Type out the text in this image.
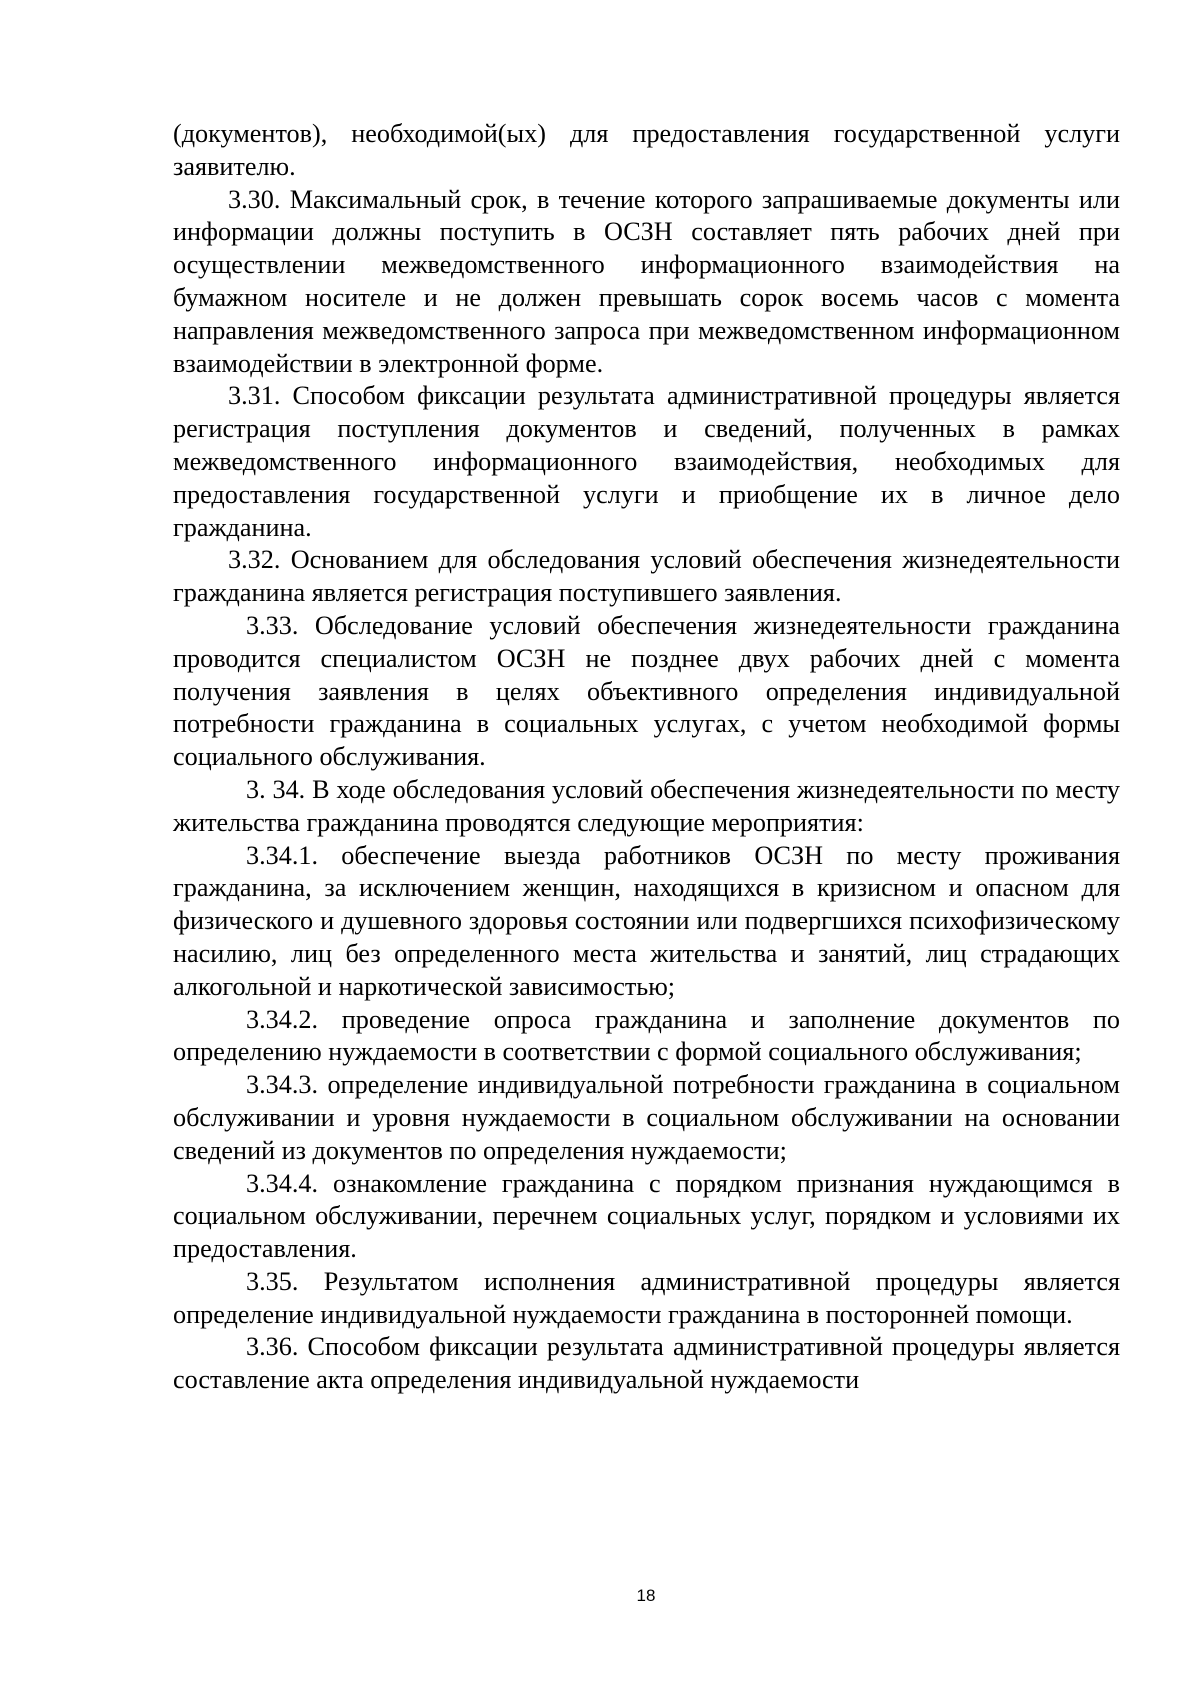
(документов), необходимой(ых) для предоставления государственной услуги заявителю.

3.30. Максимальный срок, в течение которого запрашиваемые документы или информации должны поступить в ОСЗН составляет пять рабочих дней при осуществлении межведомственного информационного взаимодействия на бумажном носителе и не должен превышать сорок восемь часов с момента направления межведомственного запроса при межведомственном информационном взаимодействии в электронной форме.

3.31. Способом фиксации результата административной процедуры является регистрация поступления документов и сведений, полученных в рамках межведомственного информационного взаимодействия, необходимых для предоставления государственной услуги и приобщение их в личное дело гражданина.

3.32. Основанием для обследования условий обеспечения жизнедеятельности гражданина является регистрация поступившего заявления.

3.33. Обследование условий обеспечения жизнедеятельности гражданина проводится специалистом ОСЗН не позднее двух рабочих дней с момента получения заявления в целях объективного определения индивидуальной потребности гражданина в социальных услугах, с учетом необходимой формы социального обслуживания.

3. 34. В ходе обследования условий обеспечения жизнедеятельности по месту жительства гражданина проводятся следующие мероприятия:

3.34.1. обеспечение выезда работников ОСЗН по месту проживания гражданина, за исключением женщин, находящихся в кризисном и опасном для физического и душевного здоровья состоянии или подвергшихся психофизическому насилию, лиц без определенного места жительства и занятий, лиц страдающих алкогольной и наркотической зависимостью;

3.34.2. проведение опроса гражданина и заполнение документов по определению нуждаемости в соответствии с формой социального обслуживания;

3.34.3. определение индивидуальной потребности гражданина в социальном обслуживании и уровня нуждаемости в социальном обслуживании на основании сведений из документов по определения нуждаемости;

3.34.4. ознакомление гражданина с порядком признания нуждающимся в социальном обслуживании, перечнем социальных услуг, порядком и условиями их предоставления.

3.35. Результатом исполнения административной процедуры является определение индивидуальной нуждаемости гражданина в посторонней помощи.

3.36. Способом фиксации результата административной процедуры является составление акта определения индивидуальной нуждаемости

18
